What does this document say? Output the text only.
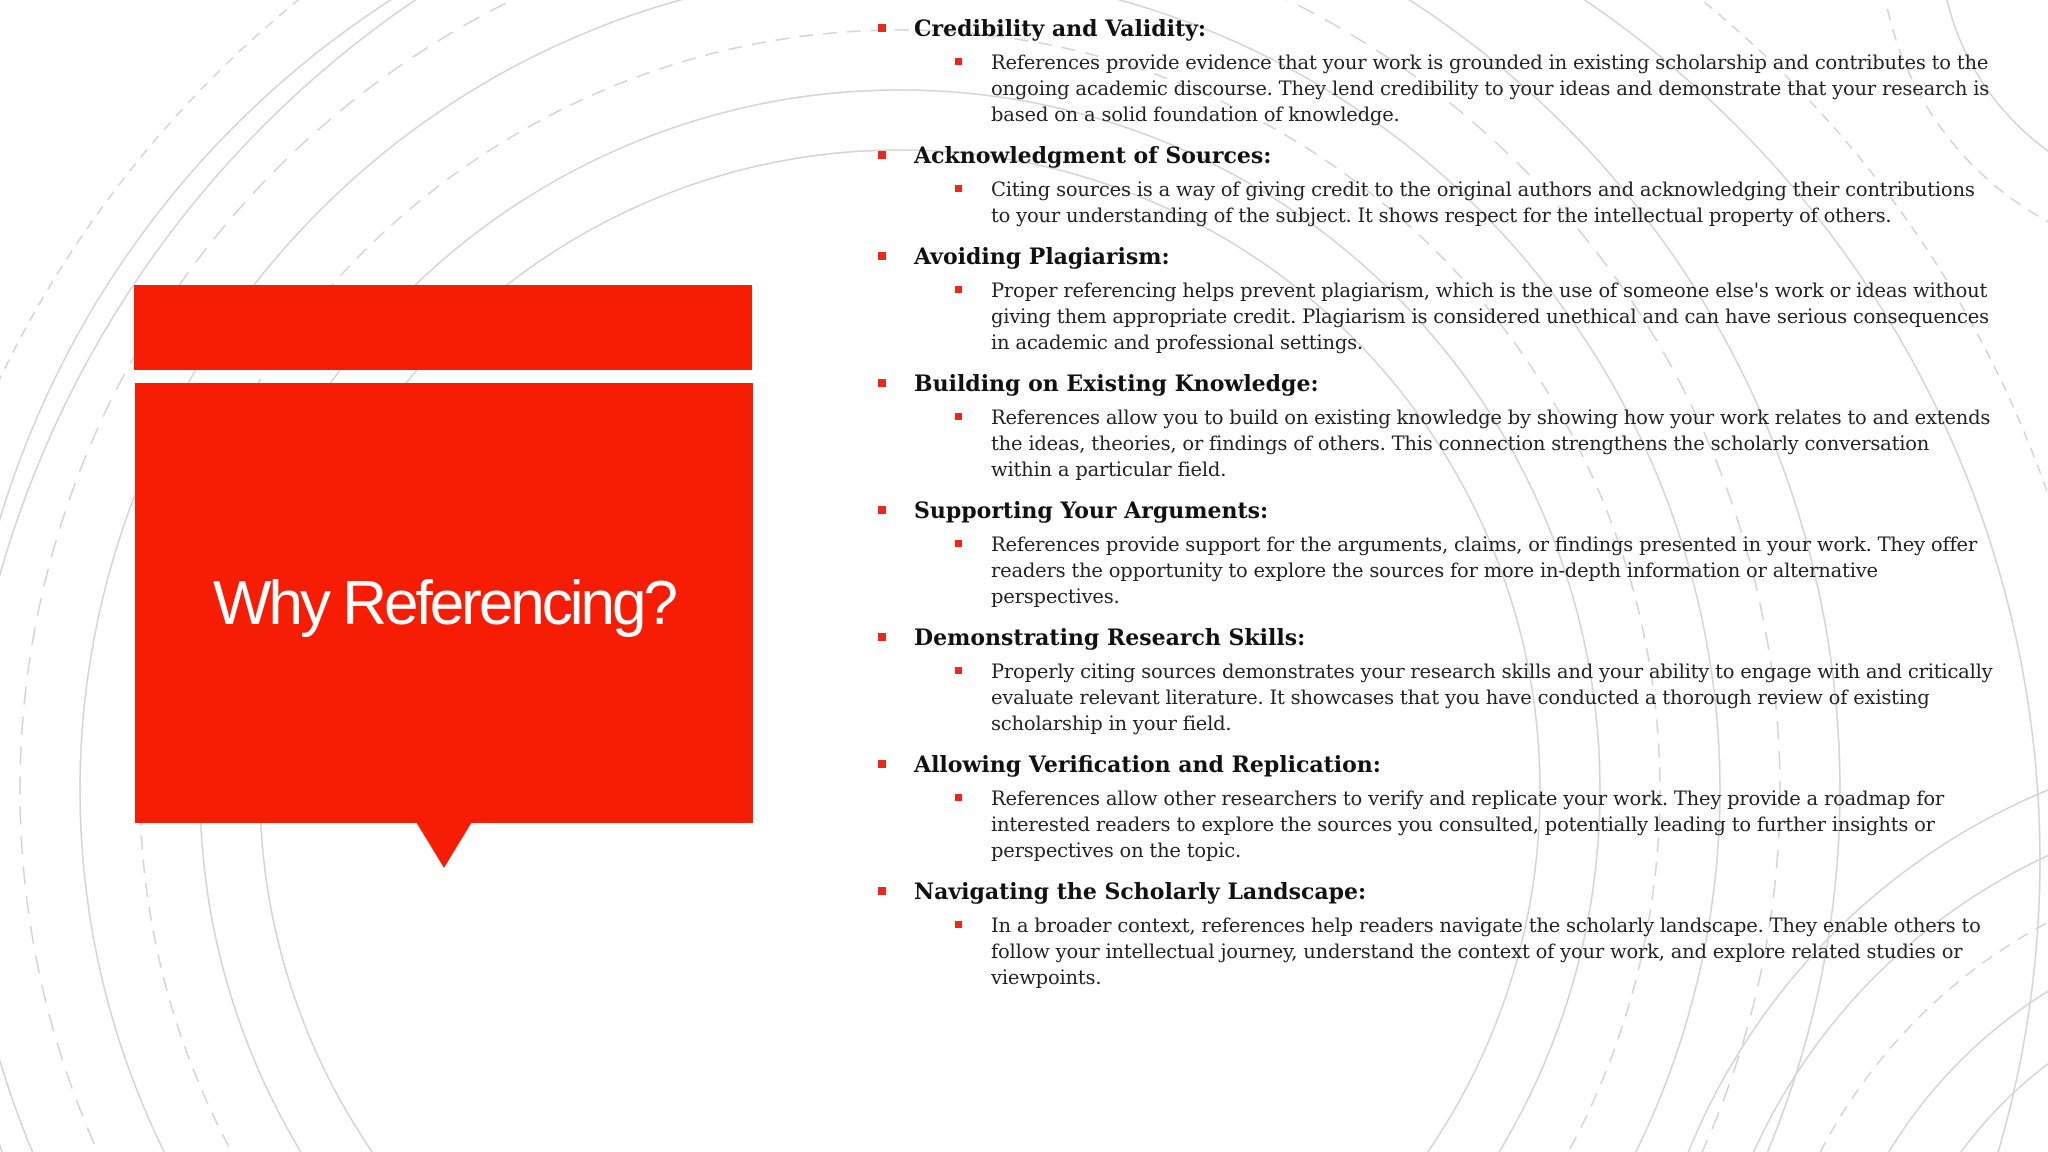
Why Referencing?
Credibility and Validity:
References provide evidence that your work is grounded in existing scholarship and contributes to the ongoing academic discourse. They lend credibility to your ideas and demonstrate that your research is based on a solid foundation of knowledge.
Acknowledgment of Sources:
Citing sources is a way of giving credit to the original authors and acknowledging their contributions to your understanding of the subject. It shows respect for the intellectual property of others.
Avoiding Plagiarism:
Proper referencing helps prevent plagiarism, which is the use of someone else's work or ideas without giving them appropriate credit. Plagiarism is considered unethical and can have serious consequences in academic and professional settings.
Building on Existing Knowledge:
References allow you to build on existing knowledge by showing how your work relates to and extends the ideas, theories, or findings of others. This connection strengthens the scholarly conversation within a particular field.
Supporting Your Arguments:
References provide support for the arguments, claims, or findings presented in your work. They offer readers the opportunity to explore the sources for more in-depth information or alternative perspectives.
Demonstrating Research Skills:
Properly citing sources demonstrates your research skills and your ability to engage with and critically evaluate relevant literature. It showcases that you have conducted a thorough review of existing scholarship in your field.
Allowing Verification and Replication:
References allow other researchers to verify and replicate your work. They provide a roadmap for interested readers to explore the sources you consulted, potentially leading to further insights or perspectives on the topic.
Navigating the Scholarly Landscape:
In a broader context, references help readers navigate the scholarly landscape. They enable others to follow your intellectual journey, understand the context of your work, and explore related studies or viewpoints.
